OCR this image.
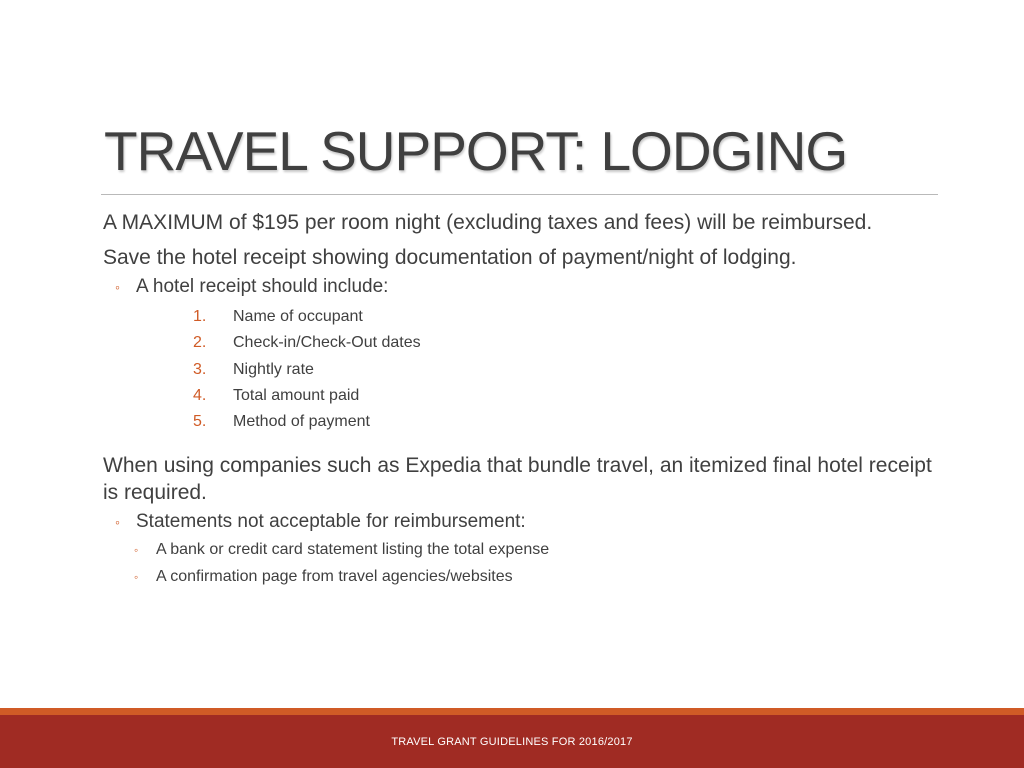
TRAVEL SUPPORT: LODGING

A MAXIMUM of $195 per room night (excluding taxes and fees) will be reimbursed.

Save the hotel receipt showing documentation of payment/night of lodging.

◦ A hotel receipt should include:
1. Name of occupant
2. Check-in/Check-Out dates
3. Nightly rate
4. Total amount paid
5. Method of payment

When using companies such as Expedia that bundle travel, an itemized final hotel receipt is required.

◦ Statements not acceptable for reimbursement:

◦ A bank or credit card statement listing the total expense

◦ A confirmation page from travel agencies/websites

TRAVEL GRANT GUIDELINES FOR 2016/2017
